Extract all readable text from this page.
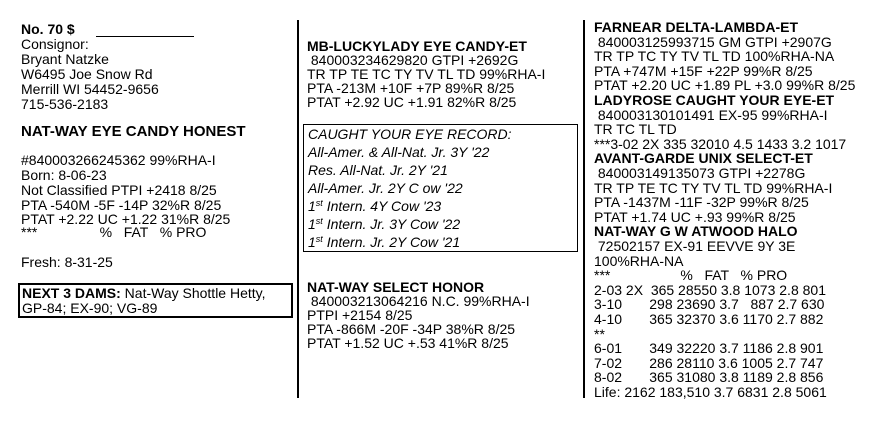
No. 70 $
Consignor:
Bryant Natzke
W6495 Joe Snow Rd
Merrill WI 54452-9656
715-536-2183
NAT-WAY EYE CANDY HONEST
#840003266245362 99%RHA-I
Born: 8-06-23
Not Classified PTPI +2418 8/25
PTA -540M -5F -14P 32%R 8/25
PTAT +2.22 UC +1.22 31%R 8/25
***                %   FAT   % PRO
Fresh: 8-31-25
NEXT 3 DAMS: Nat-Way Shottle Hetty,
GP-84; EX-90; VG-89
MB-LUCKYLADY EYE CANDY-ET
840003234629820 GTPI +2692G
TR TP TE TC TY TV TL TD 99%RHA-I
PTA -213M +10F +7P 89%R 8/25
PTAT +2.92 UC +1.91 82%R 8/25
CAUGHT YOUR EYE RECORD:
All-Amer. & All-Nat. Jr. 3Y '22
Res. All-Nat. Jr. 2Y '21
All-Amer. Jr. 2Y C ow '22
1st Intern. 4Y Cow '23
1st Intern. Jr. 3Y Cow '22
1st Intern. Jr. 2Y Cow '21
NAT-WAY SELECT HONOR
840003213064216 N.C. 99%RHA-I
PTPI +2154 8/25
PTA -866M -20F -34P 38%R 8/25
PTAT +1.52 UC +.53 41%R 8/25
FARNEAR DELTA-LAMBDA-ET
840003125993715 GM GTPI +2907G
TR TP TC TY TV TL TD 100%RHA-NA
PTA +747M +15F +22P 99%R 8/25
PTAT +2.20 UC +1.89 PL +3.0 99%R 8/25
LADYROSE CAUGHT YOUR EYE-ET
840003130101491 EX-95 99%RHA-I
TR TC TL TD
***3-02 2X 335 32010 4.5 1433 3.2 1017
AVANT-GARDE UNIX SELECT-ET
840003149135073 GTPI +2278G
TR TP TE TC TY TV TL TD 99%RHA-I
PTA -1437M -11F -32P 99%R 8/25
PTAT +1.74 UC +.93 99%R 8/25
NAT-WAY G W ATWOOD HALO
72502157 EX-91 EEVVE 9Y 3E
100%RHA-NA
***                  %   FAT   % PRO
2-03 2X  365 28550 3.8 1073 2.8 801
3-10       298 23690 3.7   887 2.7 630
4-10       365 32370 3.6 1170 2.7 882
**
6-01       349 32220 3.7 1186 2.8 901
7-02       286 28110 3.6 1005 2.7 747
8-02       365 31080 3.8 1189 2.8 856
Life: 2162 183,510 3.7 6831 2.8 5061
